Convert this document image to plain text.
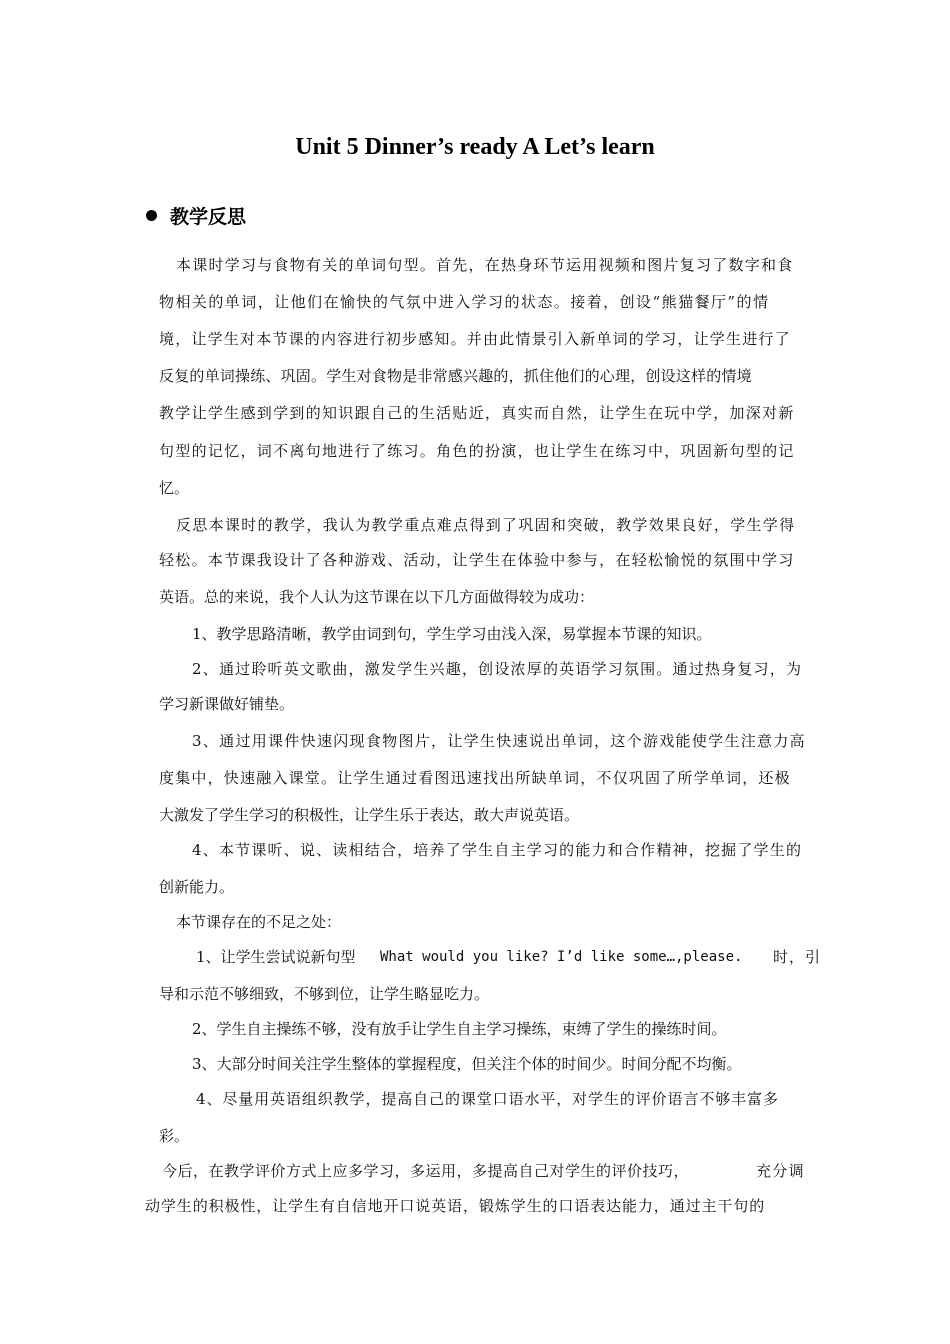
Unit 5 Dinner’s ready A Let’s learn
教学反思
本课时学习与食物有关的单词句型。首先，在热身环节运用视频和图片复习了数字和食
物相关的单词，让他们在愉快的气氛中进入学习的状态。接着，创设“熊猫餐厅”的情
境，让学生对本节课的内容进行初步感知。并由此情景引入新单词的学习，让学生进行了
反复的单词操练、巩固。学生对食物是非常感兴趣的，抓住他们的心理，创设这样的情境
教学让学生感到学到的知识跟自己的生活贴近，真实而自然，让学生在玩中学，加深对新
句型的记忆，词不离句地进行了练习。角色的扮演，也让学生在练习中，巩固新句型的记
忆。
反思本课时的教学，我认为教学重点难点得到了巩固和突破，教学效果良好，学生学得
轻松。本节课我设计了各种游戏、活动，让学生在体验中参与，在轻松愉悦的氛围中学习
英语。总的来说，我个人认为这节课在以下几方面做得较为成功：
1、教学思路清晰，教学由词到句，学生学习由浅入深，易掌握本节课的知识。
2、通过聆听英文歌曲，激发学生兴趣，创设浓厚的英语学习氛围。通过热身复习，为
学习新课做好铺垫。
3、通过用课件快速闪现食物图片，让学生快速说出单词，这个游戏能使学生注意力高
度集中，快速融入课堂。让学生通过看图迅速找出所缺单词，不仅巩固了所学单词，还极
大激发了学生学习的积极性，让学生乐于表达，敢大声说英语。
4、本节课听、说、读相结合，培养了学生自主学习的能力和合作精神，挖掘了学生的
创新能力。
本节课存在的不足之处：
1、让学生尝试说新句型 What would you like? I’d like some…,please. 时，引
导和示范不够细致，不够到位，让学生略显吃力。
2、学生自主操练不够，没有放手让学生自主学习操练，束缚了学生的操练时间。
3、大部分时间关注学生整体的掌握程度，但关注个体的时间少。时间分配不均衡。
4、尽量用英语组织教学，提高自己的课堂口语水平，对学生的评价语言不够丰富多
彩。
今后，在教学评价方式上应多学习，多运用，多提高自己对学生的评价技巧，	充分调
动学生的积极性，让学生有自信地开口说英语，锻炼学生的口语表达能力，通过主干句的
